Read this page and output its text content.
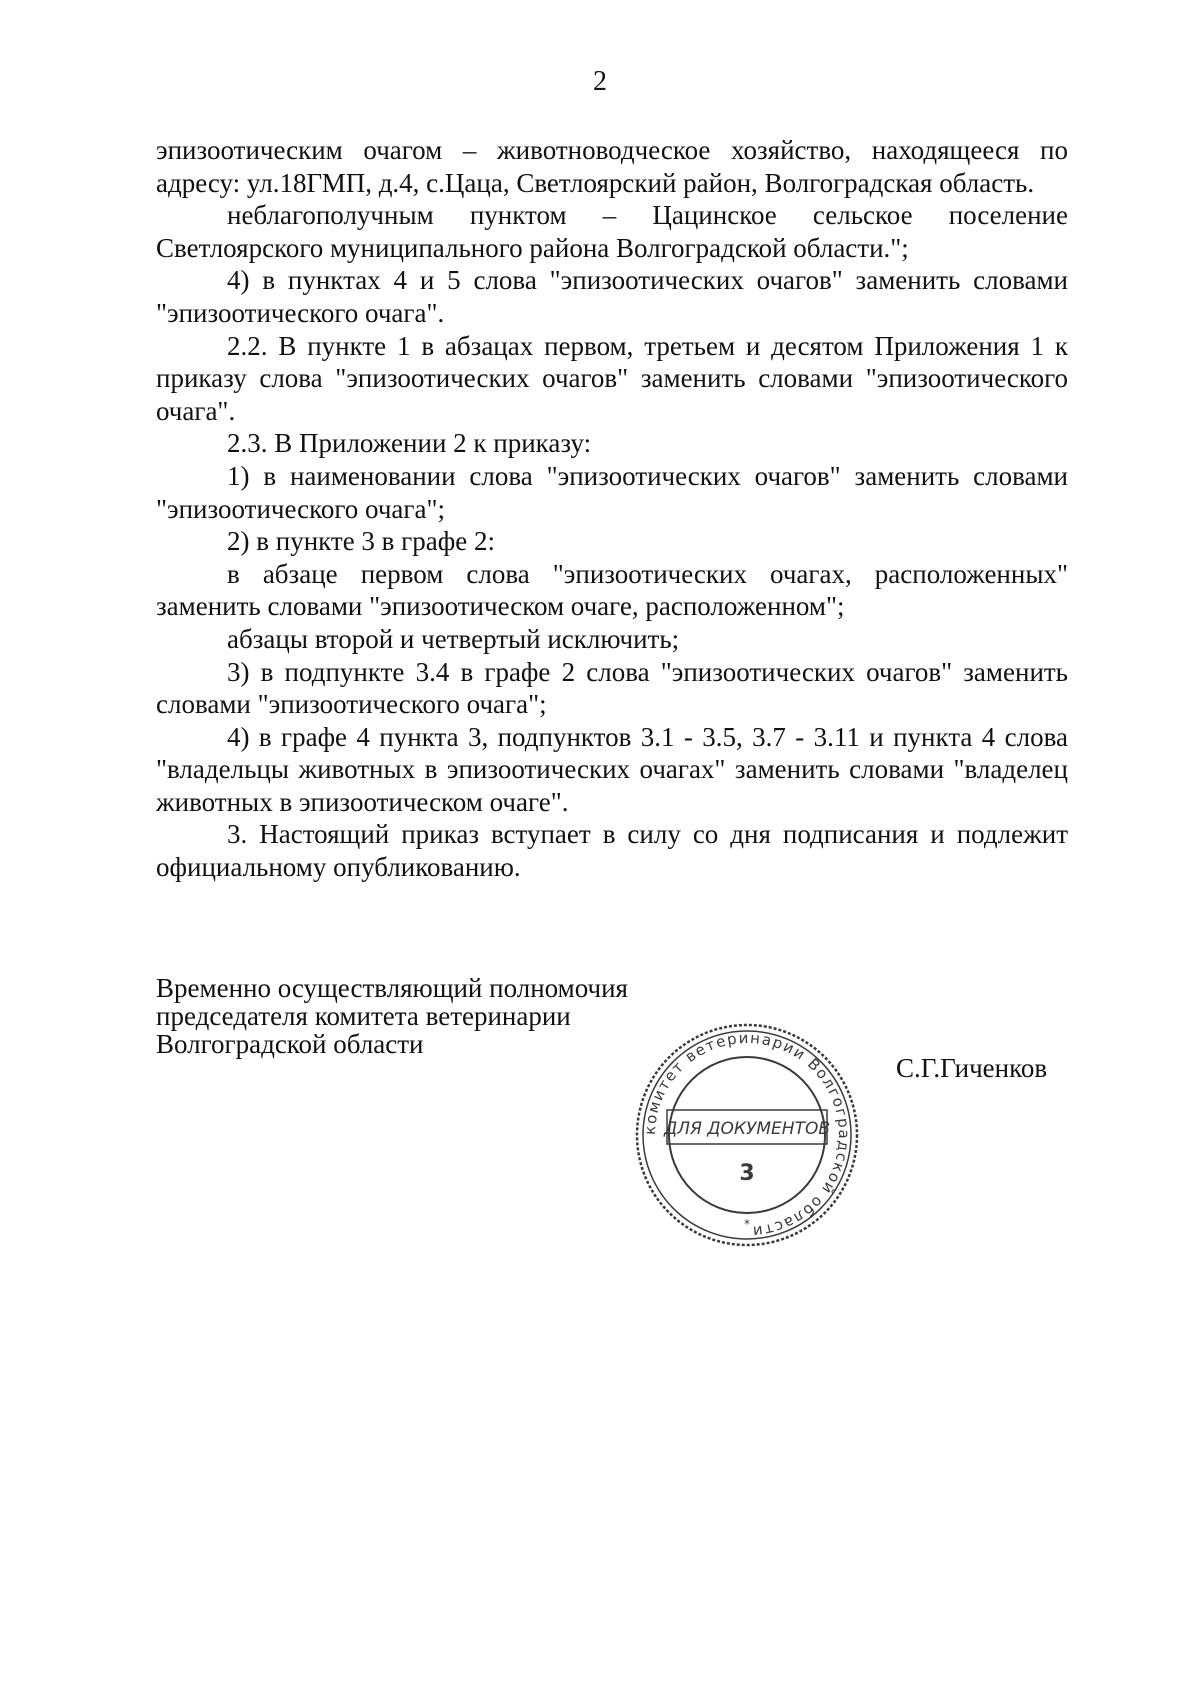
2

эпизоотическим очагом – животноводческое хозяйство, находящееся по адресу: ул.18ГМП, д.4, с.Цаца, Светлоярский район, Волгоградская область.

неблагополучным пунктом – Цацинское сельское поселение Светлоярского муниципального района Волгоградской области.";

4) в пунктах 4 и 5 слова "эпизоотических очагов" заменить словами "эпизоотического очага".

2.2. В пункте 1 в абзацах первом, третьем и десятом Приложения 1 к приказу слова "эпизоотических очагов" заменить словами "эпизоотического очага".

2.3. В Приложении 2 к приказу:

1) в наименовании слова "эпизоотических очагов" заменить словами "эпизоотического очага";

2) в пункте 3 в графе 2:

в абзаце первом слова "эпизоотических очагах, расположенных" заменить словами "эпизоотическом очаге, расположенном";

абзацы второй и четвертый исключить;

3) в подпункте 3.4 в графе 2 слова "эпизоотических очагов" заменить словами "эпизоотического очага";

4) в графе 4 пункта 3, подпунктов 3.1 - 3.5, 3.7 - 3.11 и пункта 4 слова "владельцы животных в эпизоотических очагах" заменить словами "владелец животных в эпизоотическом очаге".

3. Настоящий приказ вступает в силу со дня подписания и подлежит официальному опубликованию.

Временно осуществляющий полномочия
председателя комитета ветеринарии
Волгоградской области
С.Г.Гиченков
комитет ветеринарии Волгоградской области
*
ДЛЯ ДОКУМЕНТОВ
3
